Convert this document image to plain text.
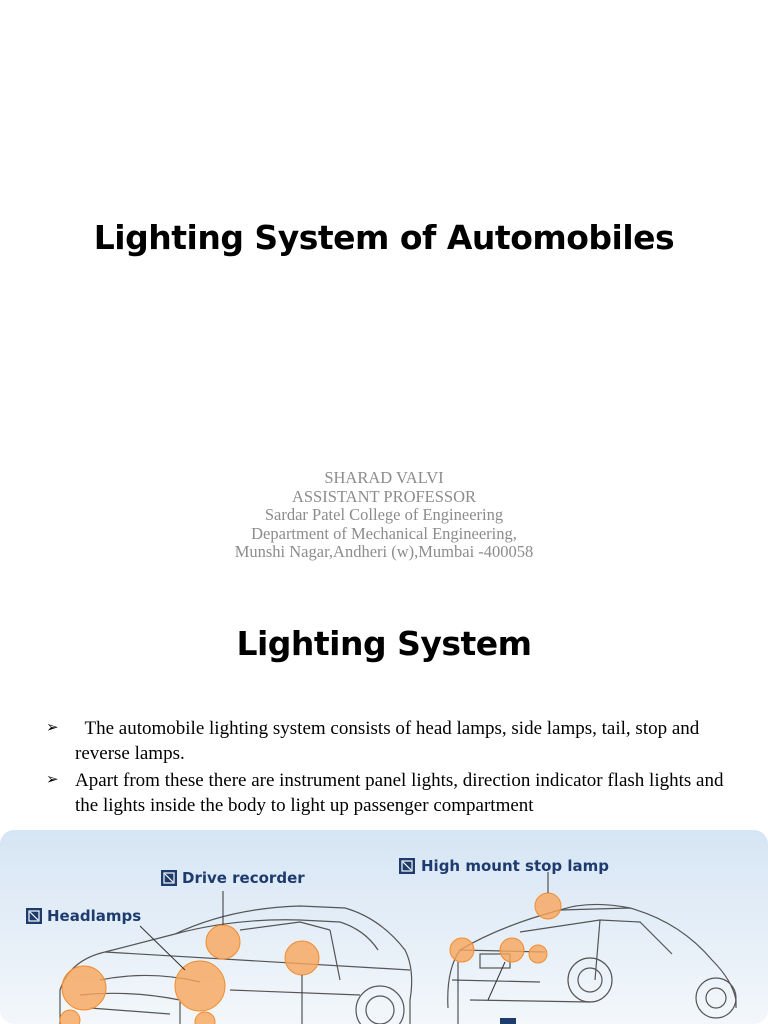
Lighting System of Automobiles
SHARAD VALVI
ASSISTANT PROFESSOR
Sardar Patel College of Engineering
Department of Mechanical Engineering,
Munshi Nagar,Andheri (w),Mumbai -400058
Lighting System
➢ The automobile lighting system consists of head lamps, side lamps, tail, stop and reverse lamps.
➢ Apart from these there are instrument panel lights, direction indicator flash lights and the lights inside the body to light up passenger compartment
Drive recorder
Headlamps
High mount stop lamp
